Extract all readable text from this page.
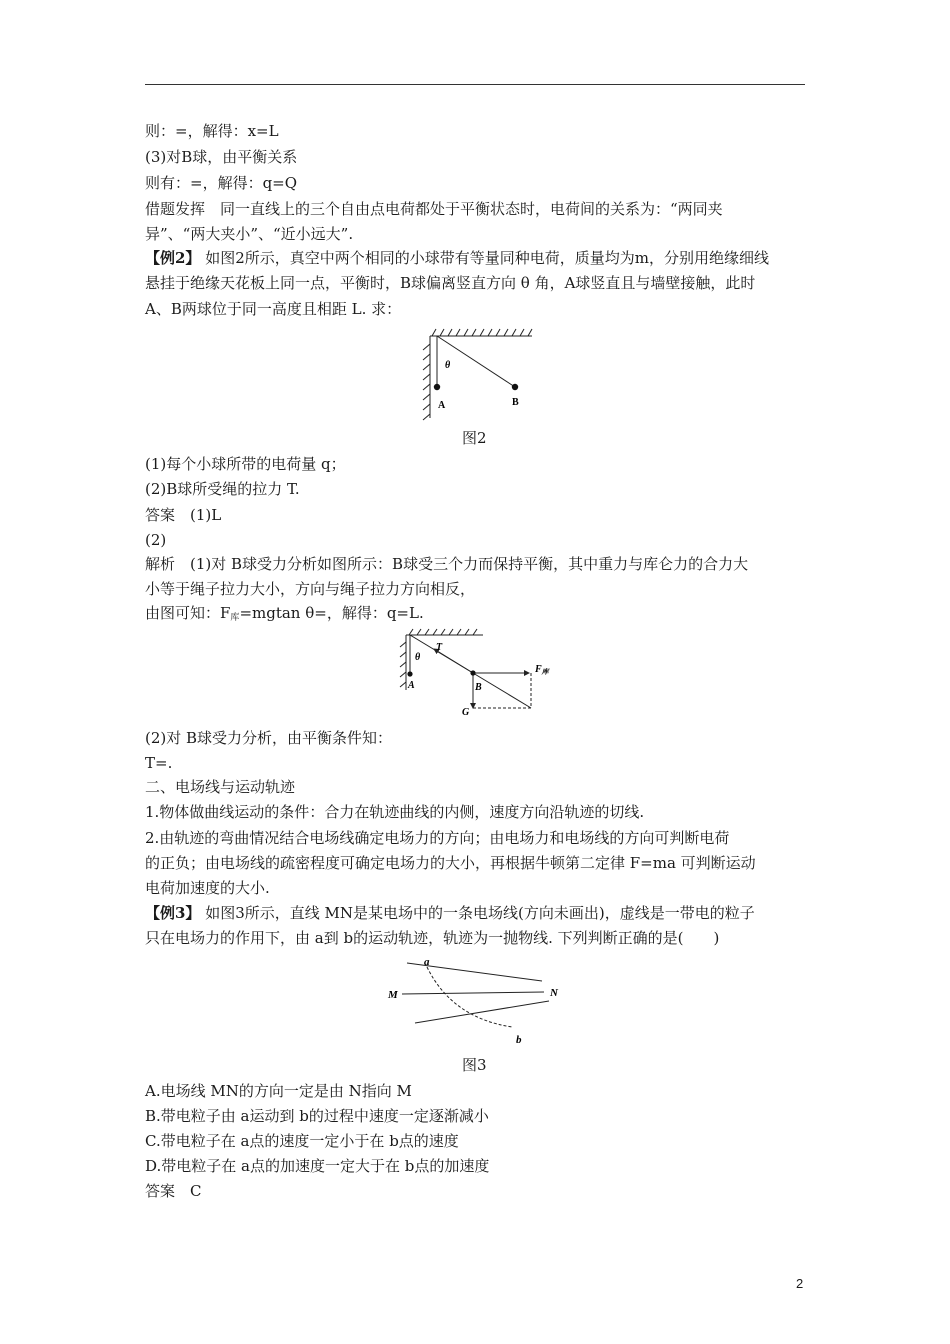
则：=，解得：x=L
(3)对B球，由平衡关系
则有：=，解得：q=Q
借题发挥　同一直线上的三个自由点电荷都处于平衡状态时，电荷间的关系为：“两同夹
异”、“两大夹小”、“近小远大”.
【例2】 如图2所示，真空中两个相同的小球带有等量同种电荷，质量均为m，分别用绝缘细线
悬挂于绝缘天花板上同一点，平衡时，B球偏离竖直方向 θ 角，A球竖直且与墙壁接触，此时
A、B两球位于同一高度且相距 L. 求：
θ
A	B
图2
(1)每个小球所带的电荷量 q；
(2)B球所受绳的拉力 T.
答案　(1)L
(2)
解析　(1)对 B球受力分析如图所示：B球受三个力而保持平衡，其中重力与库仑力的合力大
小等于绳子拉力大小，方向与绳子拉力方向相反，
由图可知：$F_库=mgtan$ θ=，解得：q=L.
θ
T
$F_库$
A	B
G
(2)对 B球受力分析，由平衡条件知：
T=.
二、电场线与运动轨迹
1.物体做曲线运动的条件：合力在轨迹曲线的内侧，速度方向沿轨迹的切线.
2.由轨迹的弯曲情况结合电场线确定电场力的方向；由电场力和电场线的方向可判断电荷
的正负；由电场线的疏密程度可确定电场力的大小，再根据牛顿第二定律 F=ma 可判断运动
电荷加速度的大小.
【例3】 如图3所示，直线 MN是某电场中的一条电场线(方向未画出)，虚线是一带电的粒子
只在电场力的作用下，由 a到 b的运动轨迹，轨迹为一抛物线. 下列判断正确的是(　　)
a
b
M	N
图3
A.电场线 MN的方向一定是由 N指向 M
B.带电粒子由 a运动到 b的过程中速度一定逐渐减小
C.带电粒子在 a点的速度一定小于在 b点的速度
D.带电粒子在 a点的加速度一定大于在 b点的加速度
答案　C
2
